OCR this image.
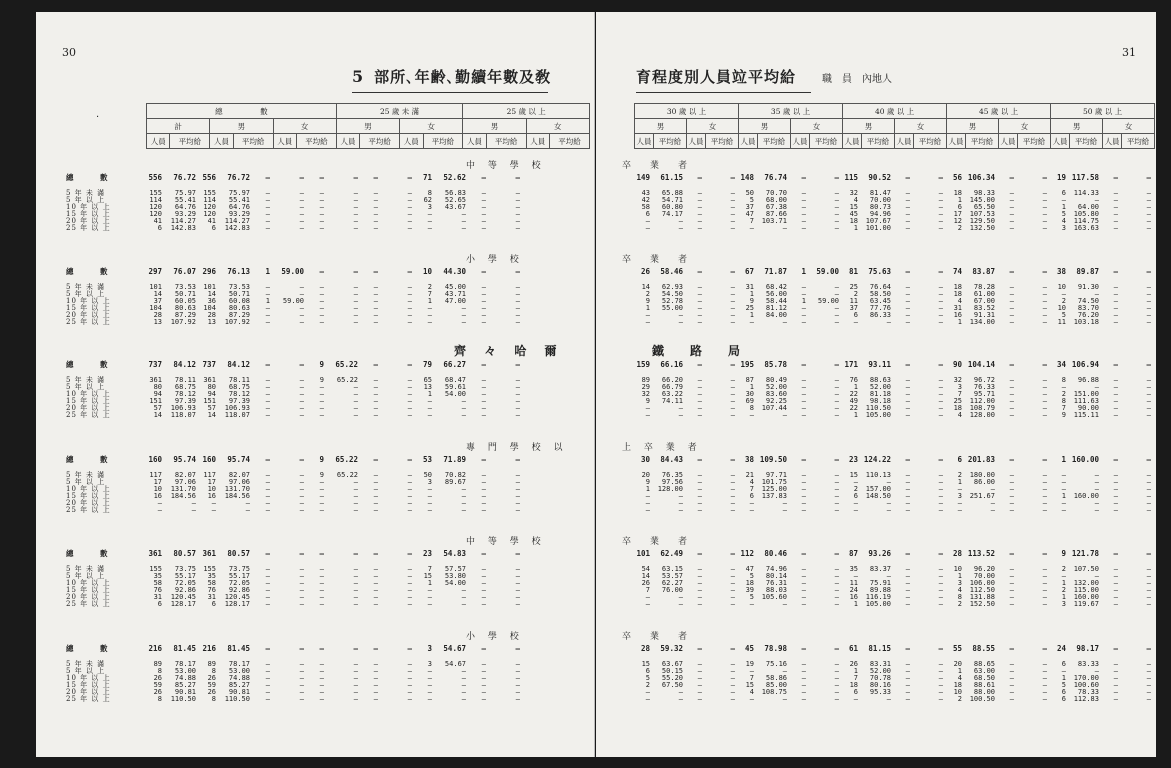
30
5 部所､年齢､勤續年數及敎
·
總　　　　　數						25 歲 未 滿				25 歲 以 上			
計		男		女		男		女		男		女	
人員	平均給	人員	平均給	人員	平均給	人員	平均給	人員	平均給	人員	平均給	人員	平均給
中 等 學 校
總　　　數	556 76.72 556 76.72 —	— —	— —	— 71 52.62 —	—
5 年 未 滿	155 75.97 155 75.97 —	— —	— —	— 8 56.83 —	—
5 年 以 上	114 55.41 114 55.41 —	— —	— —	— 62 52.65 —	—
10 年 以 上	120 64.76 120 64.76 —	— —	— —	— 3 43.67 —	—
15 年 以 上	120 93.29 120 93.29 —	— —	— —	— —	— —	—
20 年 以 上	41 114.27 41 114.27 —	— —	— —	— —	— —	—
25 年 以 上	6 142.83 6 142.83 —	— —	— —	— —	— —	—
小 學 校
總　　　數	297 76.07 296 76.13 1 59.00 —	— —	— 10 44.30 —	—
5 年 未 滿	101 73.53 101 73.53 —	— —	— —	— 2 45.00 —	—
5 年 以 上	14 50.71 14 50.71 —	— —	— —	— 7 43.71 —	—
10 年 以 上	37 60.05 36 60.08 1 59.00 —	— —	— 1 47.00 —	—
15 年 以 上	104 80.63 104 80.63 —	— —	— —	— —	— —	—
20 年 以 上	28 87.29 28 87.29 —	— —	— —	— —	— —	—
25 年 以 上	13 107.92 13 107.92 —	— —	— —	— —	— —	—
齊 々 哈 爾
總　　　數	737 84.12 737 84.12 —	— 9 65.22 —	— 79 66.27 —	—
5 年 未 滿	361 78.11 361 78.11 —	— 9 65.22 —	— 65 68.47 —	—
5 年 以 上	80 68.75 80 68.75 —	— —	— —	— 13 59.61 —	—
10 年 以 上	94 78.12 94 78.12 —	— —	— —	— 1 54.00 —	—
15 年 以 上	151 97.39 151 97.39 —	— —	— —	— —	— —	—
20 年 以 上	57 106.93 57 106.93 —	— —	— —	— —	— —	—
25 年 以 上	14 118.07 14 118.07 —	— —	— —	— —	— —	—
專 門 學 校 以
總　　　數	160 95.74 160 95.74 —	— 9 65.22 —	— 53 71.89 —	—
5 年 未 滿	117 82.07 117 82.07 —	— 9 65.22 —	— 50 70.82 —	—
5 年 以 上	17 97.06 17 97.06 —	— —	— —	— 3 89.67 —	—
10 年 以 上	10 131.70 10 131.70 —	— —	— —	— —	— —	—
15 年 以 上	16 184.56 16 184.56 —	— —	— —	— —	— —	—
20 年 以 上	—	— —	— —	— —	— —	— —	— —	—
25 年 以 上	—	— —	— —	— —	— —	— —	— —	—
中 等 學 校
總　　　數	361 80.57 361 80.57 —	— —	— —	— 23 54.83 —	—
5 年 未 滿	155 73.75 155 73.75 —	— —	— —	— 7 57.57 —	—
5 年 以 上	35 55.17 35 55.17 —	— —	— —	— 15 53.80 —	—
10 年 以 上	58 72.05 58 72.05 —	— —	— —	— 1 54.00 —	—
15 年 以 上	76 92.86 76 92.86 —	— —	— —	— —	— —	—
20 年 以 上	31 120.45 31 120.45 —	— —	— —	— —	— —	—
25 年 以 上	6 128.17 6 128.17 —	— —	— —	— —	— —	—
小 學 校
總　　　數	216 81.45 216 81.45 —	— —	— —	— 3 54.67 —	—
5 年 未 滿	89 78.17 89 78.17 —	— —	— —	— 3 54.67 —	—
5 年 以 上	8 53.00 8 53.00 —	— —	— —	— —	— —	—
10 年 以 上	26 74.88 26 74.88 —	— —	— —	— —	— —	—
15 年 以 上	59 85.27 59 85.27 —	— —	— —	— —	— —	—
20 年 以 上	26 90.81 26 90.81 —	— —	— —	— —	— —	—
25 年 以 上	8 110.50 8 110.50 —	— —	— —	— —	— —	—
31
育程度別人員竝平均給	職　員　內地人
30 歲 以 上				35 歲 以 上				40 歲 以 上				45 歲 以 上				50 歲 以 上			
男		女		男		女		男		女		男		女		男		女	
人員	平均給	人員	平均給	人員	平均給	人員	平均給	人員	平均給	人員	平均給	人員	平均給	人員	平均給	人員	平均給	人員	平均給
卒　業　者
149 61.15 —	— 148 76.74 —	— 115 90.52 —	— 56 106.34 —	— 19 117.58 —	—
43 65.88 —	— 50 70.70 —	— 32 81.47 —	— 18 98.33 —	— 6 114.33 —	—
42 54.71 —	— 5 68.00 —	— 4 70.00 —	— 1 145.00 —	— —	— —	—
58 60.80 —	— 37 67.38 —	— 15 80.73 —	— 6 65.50 —	— 1 64.00 —	—
6 74.17 —	— 47 87.66 —	— 45 94.96 —	— 17 107.53 —	— 5 105.80 —	—
—	— —	— 7 103.71 —	— 18 107.67 —	— 12 129.50 —	— 4 114.75 —	—
—	— —	— —	— —	— 1 101.00 —	— 2 132.50 —	— 3 163.63 —	—
卒　業　者
26 58.46 —	— 67 71.87 1 59.00 81 75.63 —	— 74 83.87 —	— 38 89.87 —	—
14 62.93 —	— 31 68.42 —	— 25 76.64 —	— 18 78.28 —	— 10 91.30 —	—
2 54.50 —	— 1 56.00 —	— 2 58.50 —	— 18 61.00 —	— —	— —	—
9 52.78 —	— 9 58.44 1 59.00 11 63.45 —	— 4 67.00 —	— 2 74.50 —	—
1 55.00 —	— 25 81.12 —	— 37 77.76 —	— 31 83.52 —	— 10 83.70 —	—
—	— —	— 1 84.00 —	— 6 86.33 —	— 16 91.31 —	— 5 76.20 —	—
—	— —	— —	— —	— —	— —	— 1 134.00 —	— 11 103.18 —	—
鐵　路　局
159 66.16 —	— 195 85.78 —	— 171 93.11 —	— 90 104.14 —	— 34 106.94 —	—
89 66.20 —	— 87 80.49 —	— 76 88.63 —	— 32 96.72 —	— 8 96.88 —	—
29 66.79 —	— 1 52.00 —	— 1 52.00 —	— 3 76.33 —	— —	— —	—
32 63.22 —	— 30 83.60 —	— 22 81.18 —	— 7 95.71 —	— 2 151.00 —	—
9 74.11 —	— 69 92.25 —	— 49 98.18 —	— 25 112.00 —	— 8 111.63 —	—
—	— —	— 8 107.44 —	— 22 110.50 —	— 18 108.79 —	— 7 90.00 —	—
—	— —	— —	— —	— 1 105.00 —	— 4 128.00 —	— 9 115.11 —	—
上 卒 業 者
30 84.43 —	— 38 109.50 —	— 23 124.22 —	— 6 201.83 —	— 1 160.00 —	—
20 76.35 —	— 21 97.71 —	— 15 110.13 —	— 2 180.00 —	— —	— —	—
9 97.56 —	— 4 101.75 —	— —	— —	— 1 86.00 —	— —	— —	—
1 128.00 —	— 7 125.00 —	— 2 157.00 —	— —	— —	— —	— —	—
—	— —	— 6 137.83 —	— 6 148.50 —	— 3 251.67 —	— 1 160.00 —	—
—	— —	— —	— —	— —	— —	— —	— —	— —	— —	—
—	— —	— —	— —	— —	— —	— —	— —	— —	— —	—
卒　業　者
101 62.49 —	— 112 80.46 —	— 87 93.26 —	— 28 113.52 —	— 9 121.78 —	—
54 63.15 —	— 47 74.96 —	— 35 83.37 —	— 10 96.20 —	— 2 107.50 —	—
14 53.57 —	— 5 80.14 —	— —	— —	— 1 70.00 —	— —	— —	—
26 62.27 —	— 18 76.31 —	— 11 75.91 —	— 3 106.00 —	— 1 132.00 —	—
7 76.00 —	— 39 88.03 —	— 24 89.88 —	— 4 112.50 —	— 2 115.00 —	—
—	— —	— 5 105.60 —	— 16 116.19 —	— 8 131.88 —	— 1 160.00 —	—
—	— —	— —	— —	— 1 105.00 —	— 2 152.50 —	— 3 119.67 —	—
卒　業　者
28 59.32 —	— 45 78.98 —	— 61 81.15 —	— 55 88.55 —	— 24 98.17 —	—
15 63.67 —	— 19 75.16 —	— 26 83.31 —	— 20 88.65 —	— 6 83.33 —	—
6 50.15 —	— —	— —	— 1 52.00 —	— 1 63.00 —	— —	— —	—
5 55.20 —	— 7 58.86 —	— 7 70.78 —	— 4 68.50 —	— 1 170.00 —	—
2 67.50 —	— 15 85.00 —	— 18 80.16 —	— 18 88.61 —	— 5 100.60 —	—
—	— —	— 4 108.75 —	— 6 95.33 —	— 10 88.00 —	— 6 78.33 —	—
—	— —	— —	— —	— —	— —	— 2 100.50 —	— 6 112.83 —	—
